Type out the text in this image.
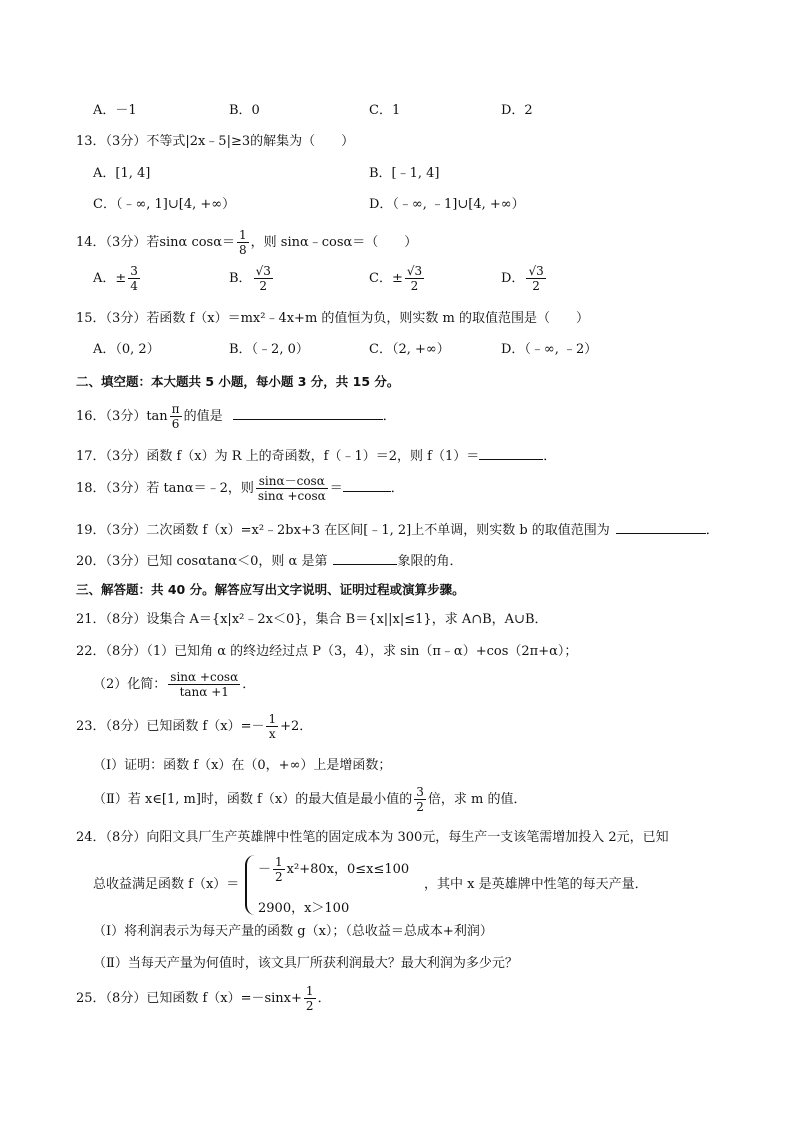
A．－1	B．0	C．1	D．2
13．（3分）不等式|2x﹣5|≥3的解集为（　　）
A．[1, 4]	B．[﹣1, 4]
C．（﹣∞, 1]∪[4, +∞）	D．（﹣∞, ﹣1]∪[4, +∞）
14．（3分）若sinα $\cos\alpha= \frac{1}{8}$ ，则 sinα﹣cosα＝（　　）
A．± $\frac{3}{4}$	B． $\frac{√3}{2}$	C．± $\frac{√3}{2}$	D． $\frac{√3}{2}$
15．（3分）若函数 f（x）＝mx²﹣4x+m 的值恒为负，则实数 m 的取值范围是（　　）
A．（0, 2）	B．（﹣2, 0）	C．（2, +∞）	D．（﹣∞, ﹣2）
二、填空题：本大题共 5 小题，每小题 3 分，共 15 分。
16．（3分）$\tan \frac{\pi}{6}$ 的值是	．
17．（3分）函数 f（x）为 R 上的奇函数，f（﹣1）＝2，则 f（1）＝	．
18．（3分）若 tanα＝﹣2，则 $\frac{\sin\alpha-\cos\alpha}{\sin\alpha +\cos\alpha}$ ＝	．
19．（3分）二次函数 f（x）=x²﹣2bx+3 在区间[﹣1, 2]上不单调，则实数 b 的取值范围为	．
20．（3分）已知 cosαtanα＜0，则 α 是第	象限的角．
三、解答题：共 40 分。解答应写出文字说明、证明过程或演算步骤。
21．（8分）设集合 A＝{x|x²﹣2x＜0}，集合 B＝{x||x|≤1}，求 A∩B，A∪B．
22．（8分）（1）已知角 α 的终边经过点 P（3，4），求 sin（π﹣α）+cos（2π+α）；
（2）化简： $\frac{\sin\alpha +\cos\alpha}{\tan\alpha +1}$ ．
23．（8分）已知函数 $f(x)=- \frac{1}{x} +2$．
（Ⅰ）证明：函数 f（x）在（0，+∞）上是增函数；
（Ⅱ）若 x∈[1, m]时，函数 f（x）的最大值是最小值的 $\frac{3}{2}$ 倍，求 m 的值．
24．（8分）向阳文具厂生产英雄牌中性笔的固定成本为 300元，每生产一支该笔需增加投入 2元，已知
总收益满足函数 f（x）＝
－ $\frac{1}{2} x^2+80x$，0≤x≤100
2900，x＞100
，其中 x 是英雄牌中性笔的每天产量．
（Ⅰ）将利润表示为每天产量的函数 g（x）；（总收益＝总成本+利润）
（Ⅱ）当每天产量为何值时，该文具厂所获利润最大？最大利润为多少元？
25．（8分）已知函数 $f(x)=-\sin x+ \frac{1}{2}$ ．
